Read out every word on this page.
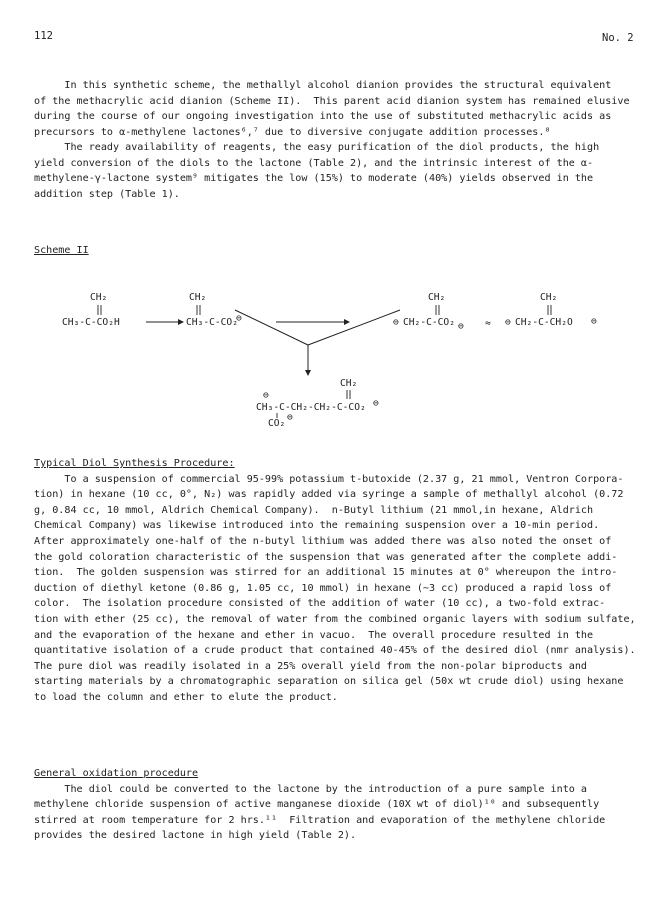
112	No. 2
In this synthetic scheme, the methallyl alcohol dianion provides the structural equivalent
of the methacrylic acid dianion (Scheme II).  This parent acid dianion system has remained elusive
during the course of our ongoing investigation into the use of substituted methacrylic acids as
precursors to α-methylene lactones⁶,⁷ due to diversive conjugate addition processes.⁸
The ready availability of reagents, the easy purification of the diol products, the high
yield conversion of the diols to the lactone (Table 2), and the intrinsic interest of the α-
methylene-γ-lactone system⁹ mitigates the low (15%) to moderate (40%) yields observed in the
addition step (Table 1).
Scheme II
CH₂
CH₃-C-CO₂H
CH₂
CH₃-C-CO₂
⊖
CH₂
⊖ CH₂-C-CO₂ ⊖ ≈
CH₂
⊖ CH₂-C-CH₂O ⊖
CH₂
⊖
CH₃-C-CH₂-CH₂-C-CO₂ ⊖
CO₂
⊖
Typical Diol Synthesis Procedure:
To a suspension of commercial 95-99% potassium t-butoxide (2.37 g, 21 mmol, Ventron Corpora-
tion) in hexane (10 cc, 0°, N₂) was rapidly added via syringe a sample of methallyl alcohol (0.72
g, 0.84 cc, 10 mmol, Aldrich Chemical Company).  n-Butyl lithium (21 mmol,in hexane, Aldrich
Chemical Company) was likewise introduced into the remaining suspension over a 10-min period.
After approximately one-half of the n-butyl lithium was added there was also noted the onset of
the gold coloration characteristic of the suspension that was generated after the complete addi-
tion.  The golden suspension was stirred for an additional 15 minutes at 0° whereupon the intro-
duction of diethyl ketone (0.86 g, 1.05 cc, 10 mmol) in hexane (~3 cc) produced a rapid loss of
color.  The isolation procedure consisted of the addition of water (10 cc), a two-fold extrac-
tion with ether (25 cc), the removal of water from the combined organic layers with sodium sulfate,
and the evaporation of the hexane and ether in vacuo.  The overall procedure resulted in the
quantitative isolation of a crude product that contained 40-45% of the desired diol (nmr analysis).
The pure diol was readily isolated in a 25% overall yield from the non-polar biproducts and
starting materials by a chromatographic separation on silica gel (50x wt crude diol) using hexane
to load the column and ether to elute the product.
General oxidation procedure
The diol could be converted to the lactone by the introduction of a pure sample into a
methylene chloride suspension of active manganese dioxide (10X wt of diol)¹⁰ and subsequently
stirred at room temperature for 2 hrs.¹¹  Filtration and evaporation of the methylene chloride
provides the desired lactone in high yield (Table 2).
